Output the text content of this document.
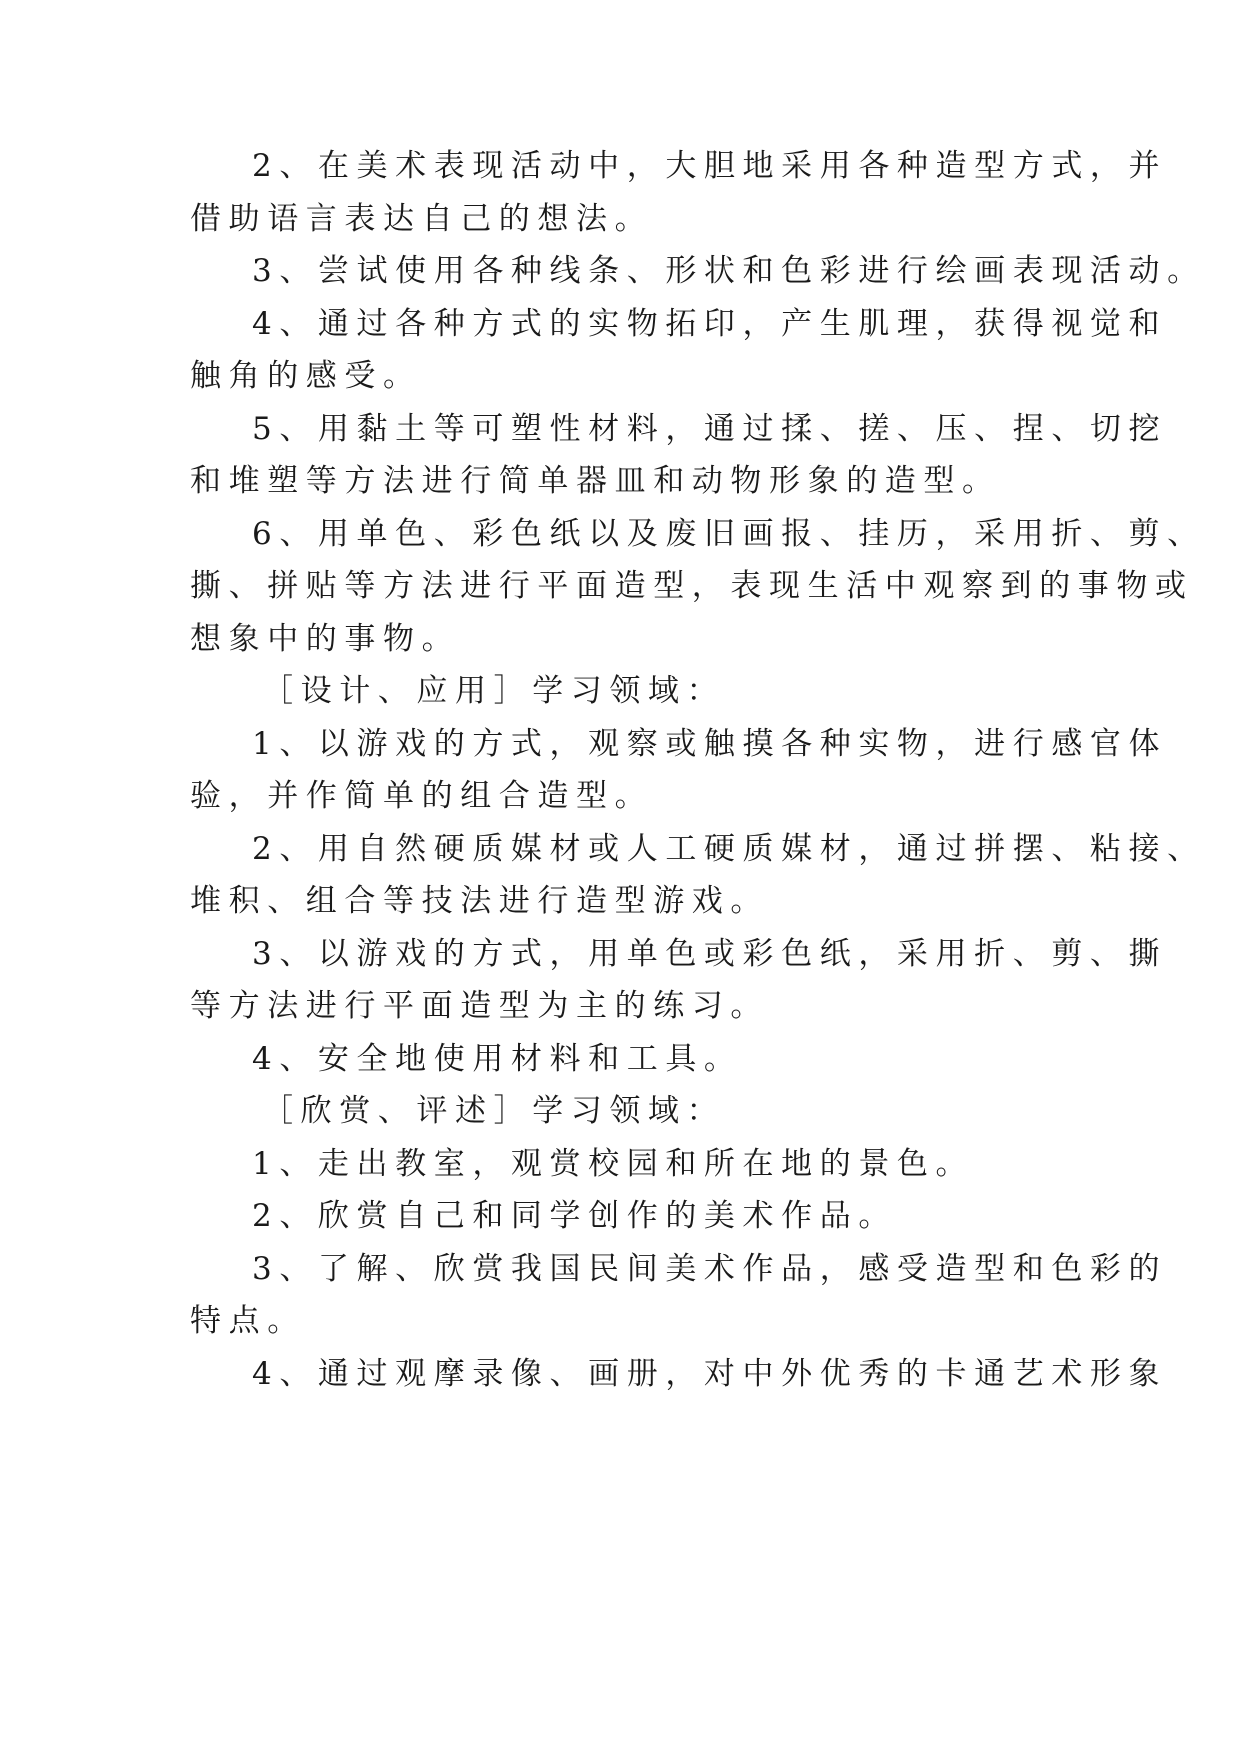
2、在美术表现活动中，大胆地采用各种造型方式，并

借助语言表达自己的想法。

3、尝试使用各种线条、形状和色彩进行绘画表现活动。

4、通过各种方式的实物拓印，产生肌理，获得视觉和

触角的感受。

5、用黏土等可塑性材料，通过揉、搓、压、捏、切挖

和堆塑等方法进行简单器皿和动物形象的造型。

6、用单色、彩色纸以及废旧画报、挂历，采用折、剪、

撕、拼贴等方法进行平面造型，表现生活中观察到的事物或

想象中的事物。

［设计、应用］学习领域：

1、以游戏的方式，观察或触摸各种实物，进行感官体

验，并作简单的组合造型。

2、用自然硬质媒材或人工硬质媒材，通过拼摆、粘接、

堆积、组合等技法进行造型游戏。

3、以游戏的方式，用单色或彩色纸，采用折、剪、撕

等方法进行平面造型为主的练习。

4、安全地使用材料和工具。

［欣赏、评述］学习领域：

1、走出教室，观赏校园和所在地的景色。

2、欣赏自己和同学创作的美术作品。

3、了解、欣赏我国民间美术作品，感受造型和色彩的

特点。

4、通过观摩录像、画册，对中外优秀的卡通艺术形象
